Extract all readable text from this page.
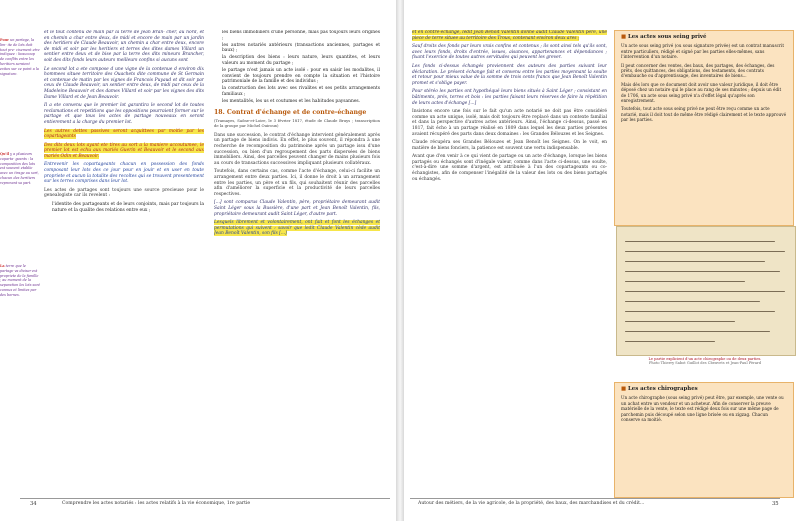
Pour un partage, la lim- ite de lots doit tout pre- cisement etre indiquee : beaucoup de conflits entre les heritiers seraient evites sur ce point a la signature.
Qu'il y a plusieurs coparta- geants : la composition des lots est souvent etablie avec un tirage au sort, chacun des heritiers reprenant sa part.
La terre que le partage va diviser est propriete de la famille ; au moment de la separation les lots sont connus et limites par des bornes.

et le tout contenu de main par la terre de Jean Bran- cher, au nord, et en chemin a char entre deux, de midi et encore de main par un jardin des heritiers de Claude Beauvoir, un chemin a char entre deux, encore de midi et soir par les heritiers et terres des dites dames Villard un sentier entre deux et de bise par la terre des dits mineurs Brancher, soit des dits fonds leurs auteurs meilleurs confins si aucuns sont

Le second lot a ete compose d une vigne de la contenue d environ dix hommees situee territoire des Ouachets dite commune de St Germain et contenue de matin par les vignes de Francois Puyaud et dit soir par ceux de Claude Beauvoir, un sentier entre deux, de midi par ceux de la Madeleine Beauvoir et des dames Villard et soir par les vignes des dits Dame Villard et de Jean Beauvoir.

Il a ete convenu que le premier lot garantira le second lot de toutes reclamations et repetitions que les oppositions pourraient former sur le partage et que tous les actes de partage nouveaux en seront entierement a la charge du premier lot.

Les autres dettes passives seront acquittees par moitie par les copartageants

Des dits deux lots ayant ete tires au sort a la maniere accoutumee, le premier lot est echu aux mariés Guerin et Beauvoir et le second aux mariés Odin et Beauvoir.

Entrevenir les copartageants chacun en possession des fonds composant leur lots des ce jour pour en jouir et en user en toute propriete et aucun la totalite des recoltes qui se trouvent presentement sur les terres comprises dans leur lot.

Les actes de partages sont toujours une source precieuse pour le genealogiste car ils revelent :

• l'identite des partageants et de leurs conjoints, mais par toujours la nature et la qualite des relations entre eux ;
• les biens immobiliers d'une personne, mais pas toujours leurs origines ;
• les autres notariés antérieurs (transactions anciennes, partages et baux) ;
• la description des biens : leurs nature, leurs quantites, et leurs valeurs au moment du partage ;
• le partage n'est jamais un acte isolé : pour en saisir les modalites, il convient de toujours prendre en compte la situation et l'histoire patrimoniale de la famille et des individus ;
• la construction des lots avec ses rivalites et ses petits arrangements familiaux ;
• les mentalités, les us et coutumes et les habitudes paysannes.
18. Contrat d'échange et de contre-échange
(Tramayes, Saône-et-Loire, le 3 février 1817, étude de Claude Bruys ; transcription de la groupe par Michel Ouiroux)

Dans une succession, le contrat d'échange intervient généralement après un partage de biens indivis. En effet, le plus souvent, il répondra à une recherche de recomposition du patrimoine après un partage issu d'une succession, ou bien d'un regroupement des parts dispersées de biens immobiliers. Ainsi, des parcelles peuvent changer de mains plusieurs fois au cours de transactions successives impliquant plusieurs collatéraux.

Toutefois, dans certains cas, comme l'acte d'échange, celui-ci facilite un arrangement entre deux parties. Ici, il donne le droit à un arrangement entre les parties, un père et un fils, qui souhaitent réunir des parcelles afin d'améliorer la superficie et la productivité de leurs parcelles respectives.

[...] sont comparus Claude Valentin, père, propriétaire demeurant audit Saint Léger sous la Bussière, d'une part et Jean Benoît Valentin, fils, propriétaire demeurant audit Saint Léger, d'autre part.

Lesquels librement et volontairement, ont fait et font les échanges et permutations qui suivent : savoir que ledit Claude Valentin cède audit Jean Benoît Valentin, son fils [...]

34	Comprendre les actes notariés : les actes relatifs à la vie économique, 1re partie

et en contre-échange, ledit Jean Benoît Valentin donne audit Claude Valentin père, une piece de terre situee au territoire des Trous, contenant environ deux ares ;

Sauf droits des fonds par leurs vrais confins et contenus ; ils sont ainsi tels qu'ils sont, avec leurs fonds, droits d'entrée, issues, aisances, appartenances et dépendances ; fixant l'exercice de toutes autres servitudes qui peuvent les grever.

Les fonds ci-dessus échangés proviennent des auteurs des parties suivant leur déclaration. Le présent échange fait et convenu entre les parties moyennant la soulte et retour pour mieux value de la somme de trois cents francs que Jean Benoît Valentin promet et s'oblige payer.

Pour stéréo les parties ont hypothéqué leurs biens situés à Saint Léger ; consistant en bâtiments, prés, terres et bois : les parties faisant leurs réserves de faire la répétition de leurs actes d'échange [...]

Insistons encore une fois sur le fait qu'un acte notarié ne doit pas être considéré comme un acte unique, isolé, mais doit toujours être replacé dans un contexte familial et dans la perspective d'autres actes antérieurs. Ainsi, l'échange ci-dessus, passé en 1817, fait écho à un partage réalisé en 1809 dans lequel les deux parties présentes avaient récupéré des parts dans deux domaines : les Grandes Bélouzes et les Seignes.

Claude récupéra ses Grandes Bélouzes et Jean Benoît les Seignes. On le voit, en matière de biens fonciers, la patience est souvent une vertu indispensable.

Avant que d'en venir à ce qui vient de partage ou un acte d'échange, lorsque les biens partagés ou échangés sont d'inégale valeur, comme dans l'acte ci-dessus, une soulte, c'est-à-dire une somme d'argent, est attribuée à l'un des copartageants ou co-échangistes, afin de compenser l'inégalité de la valeur des lots ou des biens partagés ou échangés.

■ Les actes sous seing privé

Un acte sous seing privé (ou sous signature privée) est un contrat manuscrit entre particuliers, rédigé et signé par les parties elles-mêmes, sans l'intervention d'un notaire.

Il peut concerner des ventes, des baux, des partages, des échanges, des prêts, des quittances, des obligations, des testaments, des contrats d'embauche ou d'apprentissage, des inventaires de biens...

Mais dès lors que ce document doit avoir une valeur juridique, il doit être déposé chez un notaire qui le place au rang de ses minutes ; depuis un édit de 1706, un acte sous seing privé n'a d'effet légal qu'après son enregistrement.

Toutefois, tout acte sous seing privé ne peut être reçu comme un acte notarié, mais il doit tout de même être rédigé clairement et le texte approuvé par les parties.

Le partie explicient d'un acte chirographe ou de deux parties.
Photo Thierry Sabot Guillot des Cbeuvets et Jean-Paul Pèrard
■ Les actes chirographes

Un acte chirographe (sous seing privé) peut être, par exemple, une vente ou un achat entre un vendeur et un acheteur. Afin de conserver la preuve matérielle de la vente, le texte est rédigé deux fois sur une même page de parchemin puis découpé selon une ligne brisée ou en zigzag. Chacun conserve sa moitié.

Autour des métiers, de la vie agricole, de la propriété, des baux, des marchandises et du crédit...	35
